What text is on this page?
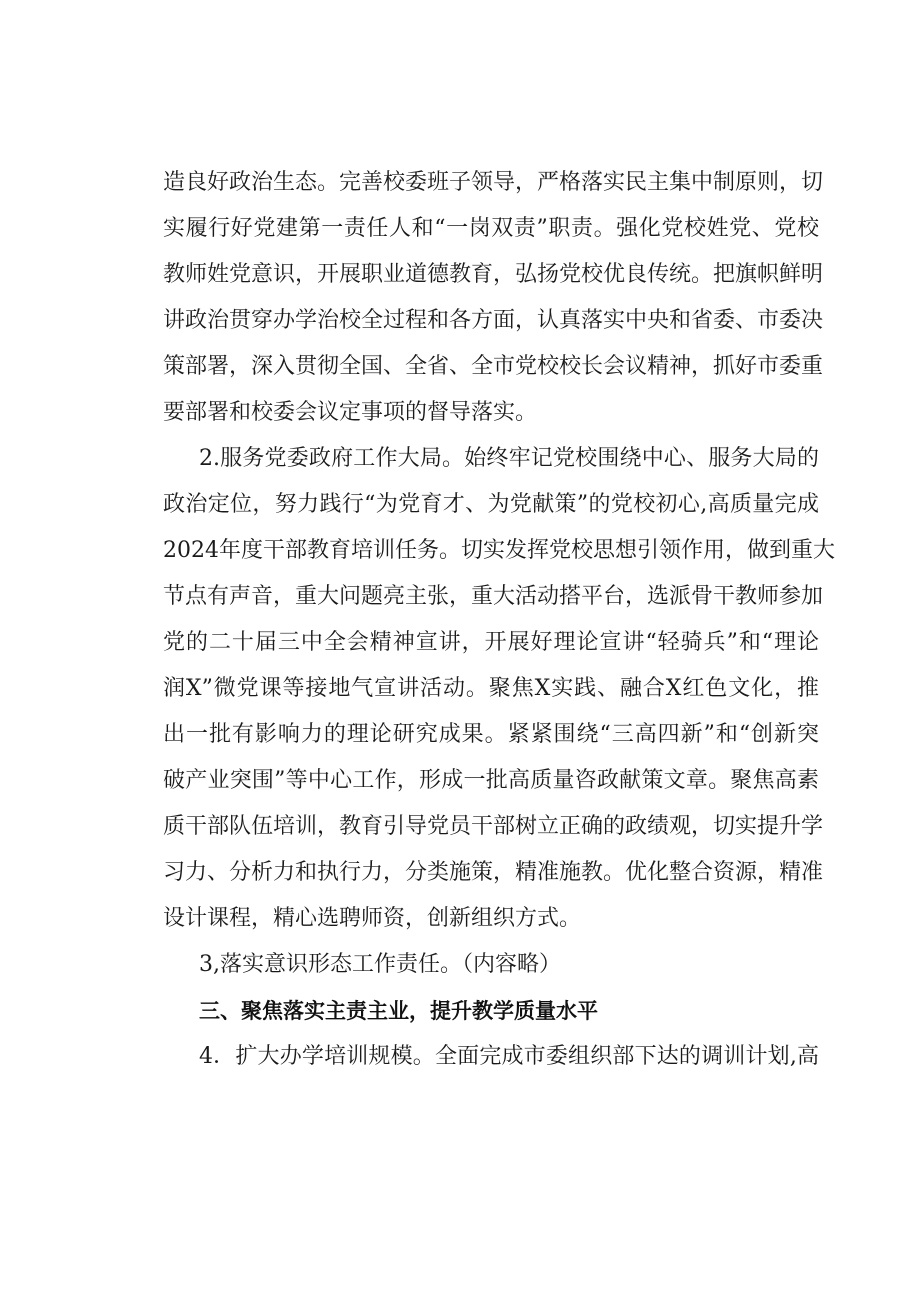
造良好政治生态。完善校委班子领导，严格落实民主集中制原则，切
实履行好党建第一责任人和“一岗双责”职责。强化党校姓党、党校
教师姓党意识，开展职业道德教育，弘扬党校优良传统。把旗帜鲜明
讲政治贯穿办学治校全过程和各方面，认真落实中央和省委、市委决
策部署，深入贯彻全国、全省、全市党校校长会议精神，抓好市委重
要部署和校委会议定事项的督导落实。
2.服务党委政府工作大局。始终牢记党校围绕中心、服务大局的
政治定位，努力践行“为党育才、为党献策”的党校初心,高质量完成
2024年度干部教育培训任务。切实发挥党校思想引领作用，做到重大
节点有声音，重大问题亮主张，重大活动搭平台，选派骨干教师参加
党的二十届三中全会精神宣讲，开展好理论宣讲“轻骑兵”和“理论
润X”微党课等接地气宣讲活动。聚焦X实践、融合X红色文化，推
出一批有影响力的理论研究成果。紧紧围绕“三高四新”和“创新突
破产业突围”等中心工作，形成一批高质量咨政献策文章。聚焦高素
质干部队伍培训，教育引导党员干部树立正确的政绩观，切实提升学
习力、分析力和执行力，分类施策，精准施教。优化整合资源，精准
设计课程，精心选聘师资，创新组织方式。
3,落实意识形态工作责任。（内容略）
三、聚焦落实主责主业，提升教学质量水平
4．扩大办学培训规模。全面完成市委组织部下达的调训计划,高
